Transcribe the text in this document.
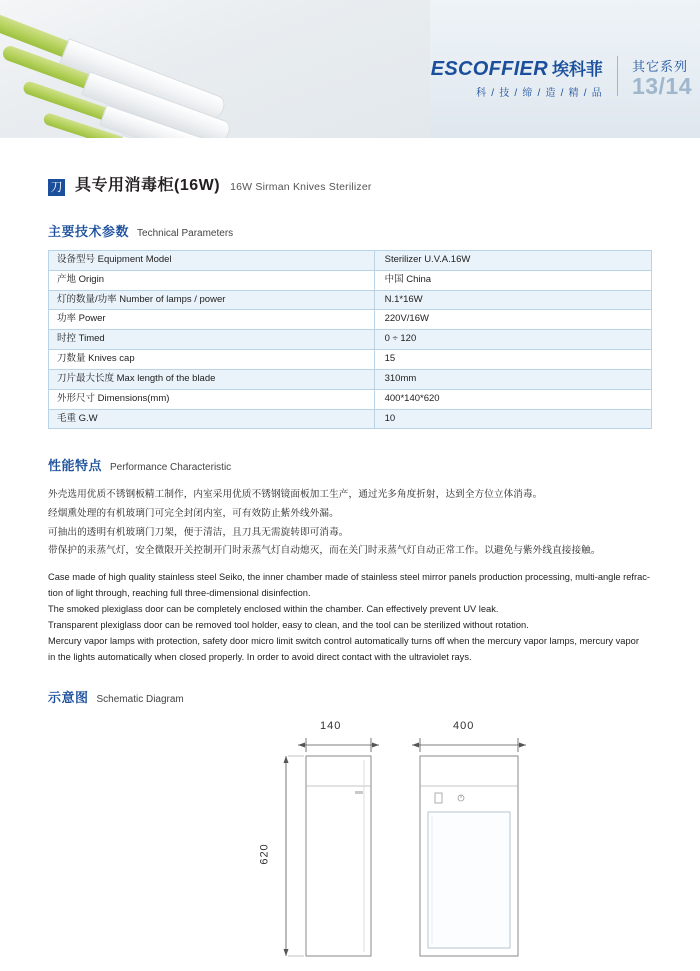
ESCOFFIER 埃科菲
科 / 技 / 缔 / 造 / 精 / 品
其它系列
13/14
刀 具专用消毒柜(16W) 16W Sirman Knives Sterilizer
主要技术参数 Technical Parameters
设备型号 Equipment Model	Sterilizer U.V.A.16W
产地 Origin	中国 China
灯的数量/功率 Number of lamps / power	N.1*16W
功率 Power	220V/16W
时控 Timed	0 ÷ 120
刀数量 Knives cap	15
刀片最大长度 Max length of the blade	310mm
外形尺寸 Dimensions(mm)	400*140*620
毛重 G.W	10
性能特点 Performance Characteristic
外壳选用优质不锈钢板精工制作，内室采用优质不锈钢镜面板加工生产，通过光多角度折射，达到全方位立体消毒。
经烟熏处理的有机玻璃门可完全封闭内室，可有效防止紫外线外漏。
可抽出的透明有机玻璃门刀架，便于清洁，且刀具无需旋转即可消毒。
带保护的汞蒸气灯，安全微限开关控制开门时汞蒸气灯自动熄灭，而在关门时汞蒸气灯自动正常工作。以避免与紫外线直接接触。

Case made of high quality stainless steel Seiko, the inner chamber made of stainless steel mirror panels production processing, multi-angle refrac-

tion of light through, reaching full three-dimensional disinfection.

The smoked plexiglass door can be completely enclosed within the chamber. Can effectively prevent UV leak.

Transparent plexiglass door can be removed tool holder, easy to clean, and the tool can be sterilized without rotation.

Mercury vapor lamps with protection, safety door micro limit switch control automatically turns off when the mercury vapor lamps, mercury vapor

in the lights automatically when closed properly. In order to avoid direct contact with the ultraviolet rays.

示意图 Schematic Diagram
140	400
620
